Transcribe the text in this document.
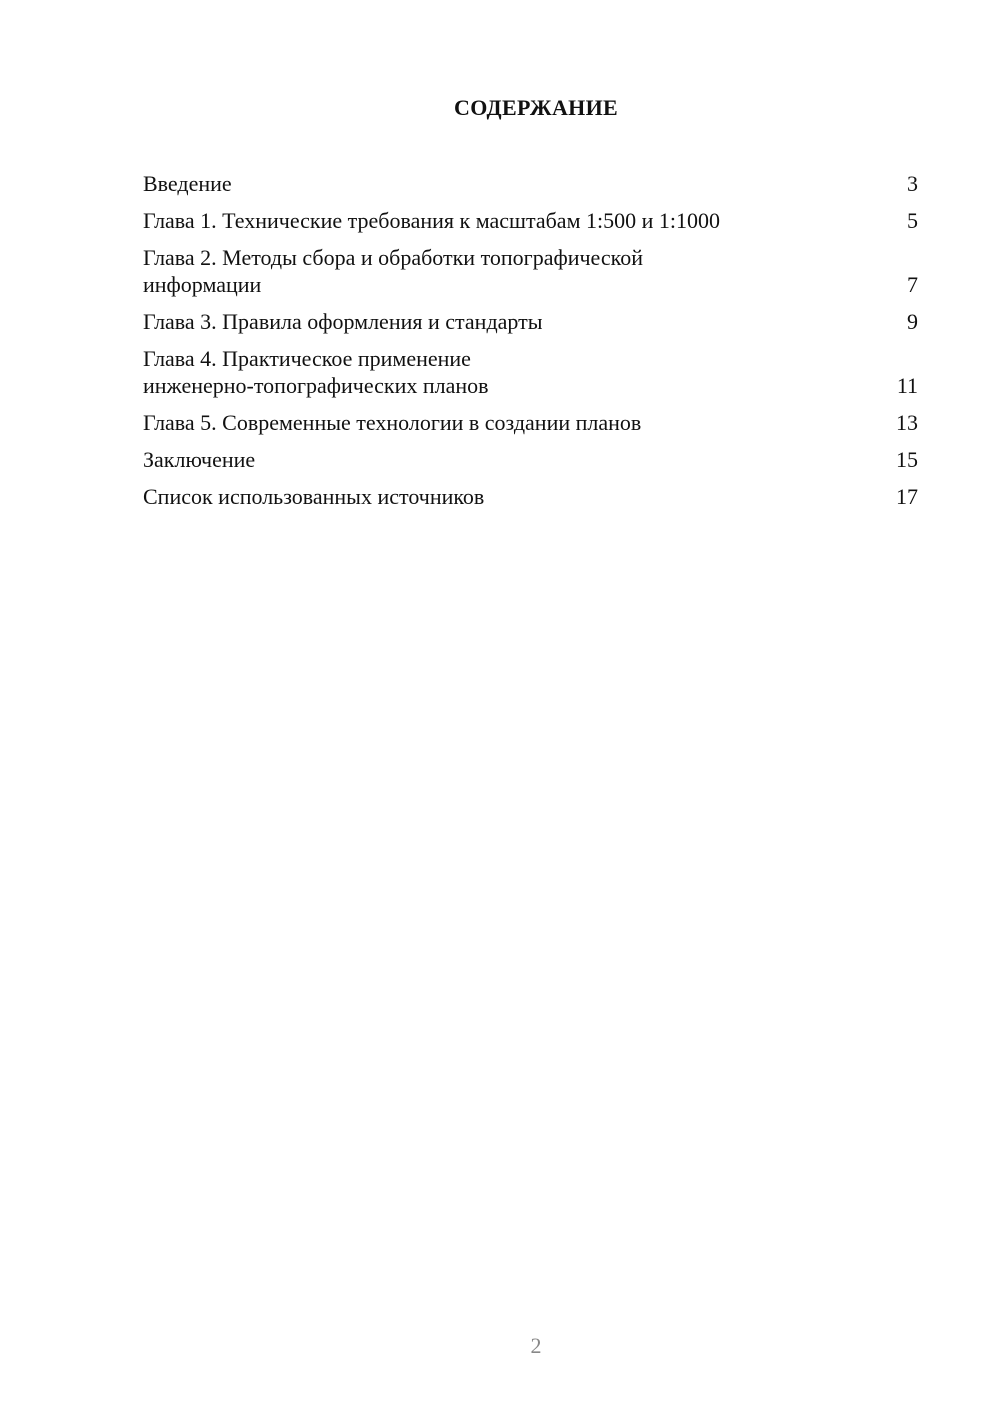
СОДЕРЖАНИЕ
Введение	3
Глава 1. Технические требования к масштабам 1:500 и 1:1000	5
Глава 2. Методы сбора и обработки топографической информации	7
Глава 3. Правила оформления и стандарты	9
Глава 4. Практическое применение инженерно-топографических планов	11
Глава 5. Современные технологии в создании планов	13
Заключение	15
Список использованных источников	17
2
